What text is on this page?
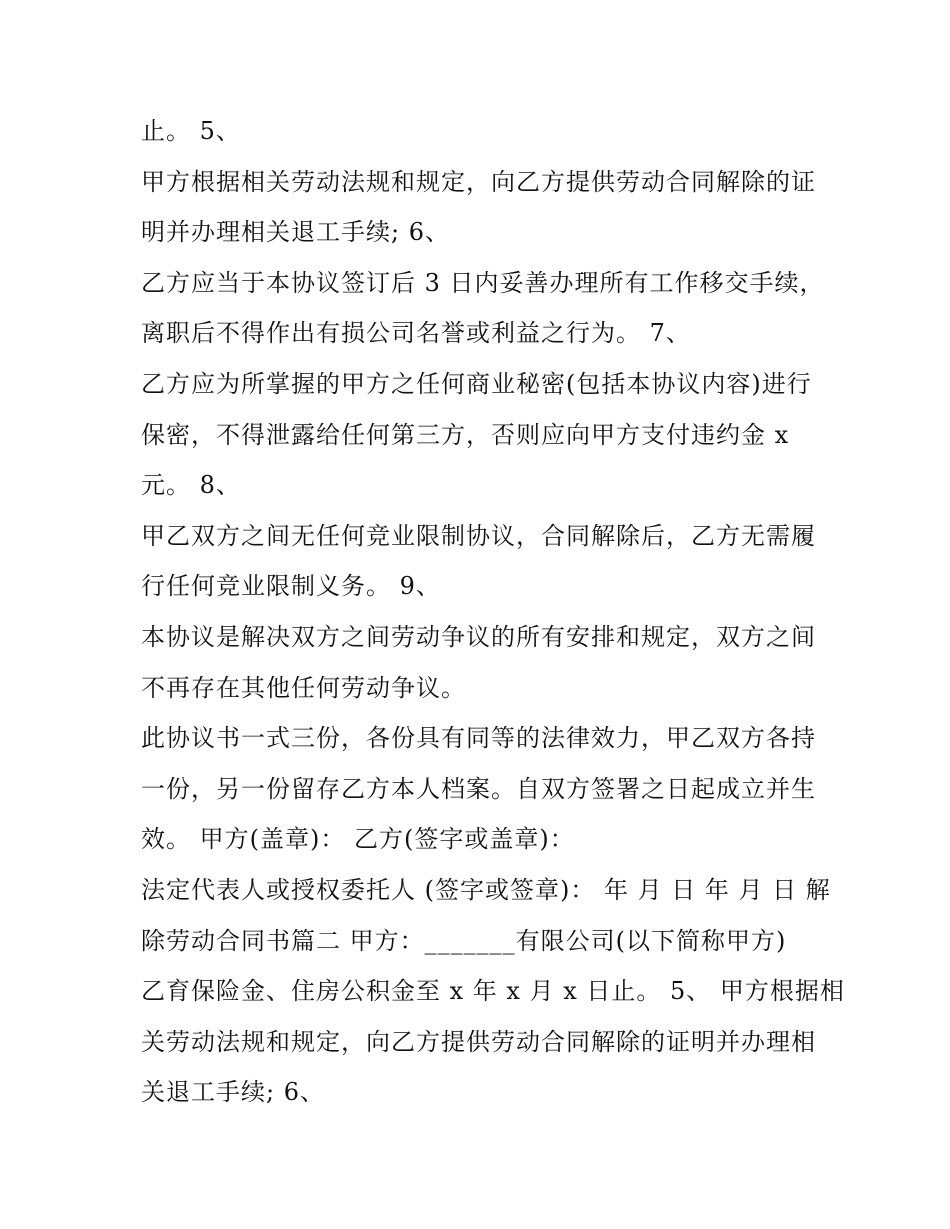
止。 5、
甲方根据相关劳动法规和规定，向乙方提供劳动合同解除的证
明并办理相关退工手续; 6、
乙方应当于本协议签订后 3 日内妥善办理所有工作移交手续，
离职后不得作出有损公司名誉或利益之行为。 7、
乙方应为所掌握的甲方之任何商业秘密(包括本协议内容)进行
保密，不得泄露给任何第三方，否则应向甲方支付违约金 x
元。 8、
甲乙双方之间无任何竞业限制协议，合同解除后，乙方无需履
行任何竞业限制义务。 9、
本协议是解决双方之间劳动争议的所有安排和规定，双方之间
不再存在其他任何劳动争议。
此协议书一式三份，各份具有同等的法律效力，甲乙双方各持
一份，另一份留存乙方本人档案。自双方签署之日起成立并生
效。 甲方(盖章)： 乙方(签字或盖章)：
法定代表人或授权委托人 (签字或签章)： 年 月 日 年 月 日 解
除劳动合同书篇二 甲方：_______有限公司(以下简称甲方)
乙育保险金、住房公积金至 x 年 x 月 x 日止。 5、 甲方根据相
关劳动法规和规定，向乙方提供劳动合同解除的证明并办理相
关退工手续; 6、
